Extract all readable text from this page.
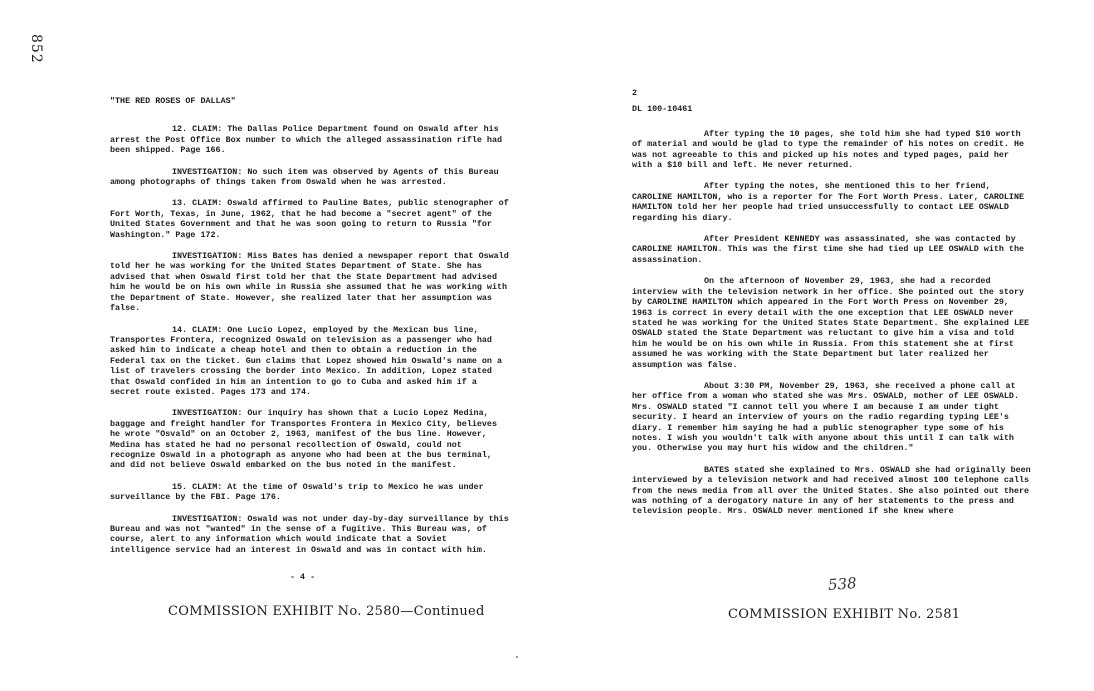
852
"THE RED ROSES OF DALLAS"

12. CLAIM: The Dallas Police Department found on Oswald after his arrest the Post Office Box number to which the alleged assassination rifle had been shipped. Page 166.

INVESTIGATION: No such item was observed by Agents of this Bureau among photographs of things taken from Oswald when he was arrested.

13. CLAIM: Oswald affirmed to Pauline Bates, public stenographer of Fort Worth, Texas, in June, 1962, that he had become a "secret agent" of the United States Government and that he was soon going to return to Russia "for Washington." Page 172.

INVESTIGATION: Miss Bates has denied a newspaper report that Oswald told her he was working for the United States Department of State. She has advised that when Oswald first told her that the State Department had advised him he would be on his own while in Russia she assumed that he was working with the Department of State. However, she realized later that her assumption was false.

14. CLAIM: One Lucio Lopez, employed by the Mexican bus line, Transportes Frontera, recognized Oswald on television as a passenger who had asked him to indicate a cheap hotel and then to obtain a reduction in the Federal tax on the ticket. Gun claims that Lopez showed him Oswald's name on a list of travelers crossing the border into Mexico. In addition, Lopez stated that Oswald confided in him an intention to go to Cuba and asked him if a secret route existed. Pages 173 and 174.

INVESTIGATION: Our inquiry has shown that a Lucio Lopez Medina, baggage and freight handler for Transportes Frontera in Mexico City, believes he wrote "Osvald" on an October 2, 1963, manifest of the bus line. However, Medina has stated he had no personal recollection of Oswald, could not recognize Oswald in a photograph as anyone who had been at the bus terminal, and did not believe Oswald embarked on the bus noted in the manifest.

15. CLAIM: At the time of Oswald's trip to Mexico he was under surveillance by the FBI. Page 176.

INVESTIGATION: Oswald was not under day-by-day surveillance by this Bureau and was not "wanted" in the sense of a fugitive. This Bureau was, of course, alert to any information which would indicate that a Soviet intelligence service had an interest in Oswald and was in contact with him.

- 4 -
2
DL 100-10461

After typing the 10 pages, she told him she had typed $10 worth of material and would be glad to type the remainder of his notes on credit. He was not agreeable to this and picked up his notes and typed pages, paid her with a $10 bill and left. He never returned.

After typing the notes, she mentioned this to her friend, CAROLINE HAMILTON, who is a reporter for The Fort Worth Press. Later, CAROLINE HAMILTON told her her people had tried unsuccessfully to contact LEE OSWALD regarding his diary.

After President KENNEDY was assassinated, she was contacted by CAROLINE HAMILTON. This was the first time she had tied up LEE OSWALD with the assassination.

On the afternoon of November 29, 1963, she had a recorded interview with the television network in her office. She pointed out the story by CAROLINE HAMILTON which appeared in the Fort Worth Press on November 29, 1963 is correct in every detail with the one exception that LEE OSWALD never stated he was working for the United States State Department. She explained LEE OSWALD stated the State Department was reluctant to give him a visa and told him he would be on his own while in Russia. From this statement she at first assumed he was working with the State Department but later realized her assumption was false.

About 3:30 PM, November 29, 1963, she received a phone call at her office from a woman who stated she was Mrs. OSWALD, mother of LEE OSWALD. Mrs. OSWALD stated "I cannot tell you where I am because I am under tight security. I heard an interview of yours on the radio regarding typing LEE's diary. I remember him saying he had a public stenographer type some of his notes. I wish you wouldn't talk with anyone about this until I can talk with you. Otherwise you may hurt his widow and the children."

BATES stated she explained to Mrs. OSWALD she had originally been interviewed by a television network and had received almost 100 telephone calls from the news media from all over the United States. She also pointed out there was nothing of a derogatory nature in any of her statements to the press and television people. Mrs. OSWALD never mentioned if she knew where

538
COMMISSION EXHIBIT No. 2580—Continued	COMMISSION EXHIBIT No. 2581
